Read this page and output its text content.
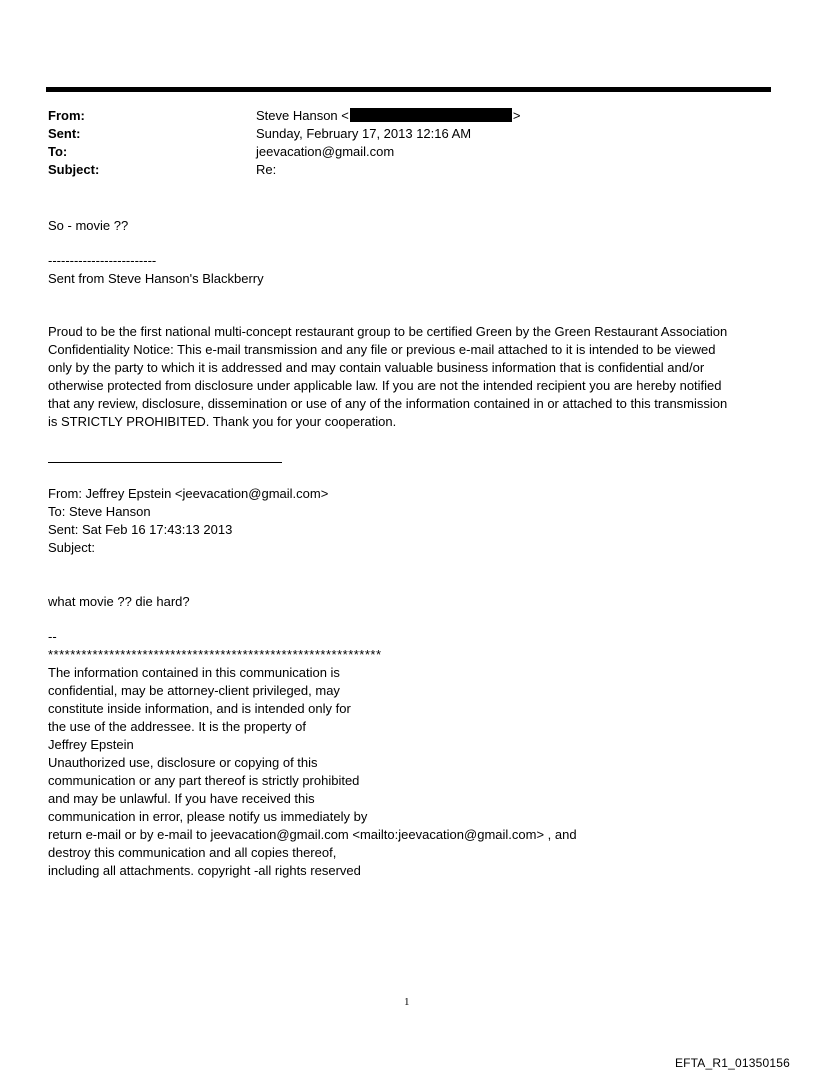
From:	Steve Hanson <	>
Sent:	Sunday, February 17, 2013 12:16 AM
To:	jeevacation@gmail.com
Subject:	Re:
So - movie ??
-------------------------
Sent from Steve Hanson's Blackberry
Proud to be the first national multi-concept restaurant group to be certified Green by the Green Restaurant Association
Confidentiality Notice: This e-mail transmission and any file or previous e-mail attached to it is intended to be viewed
only by the party to which it is addressed and may contain valuable business information that is confidential and/or
otherwise protected from disclosure under applicable law. If you are not the intended recipient you are hereby notified
that any review, disclosure, dissemination or use of any of the information contained in or attached to this transmission
is STRICTLY PROHIBITED. Thank you for your cooperation.
From: Jeffrey Epstein <jeevacation@gmail.com>
To: Steve Hanson
Sent: Sat Feb 16 17:43:13 2013
Subject:
what movie ?? die hard?
--
************************************************************
The information contained in this communication is
confidential, may be attorney-client privileged, may
constitute inside information, and is intended only for
the use of the addressee. It is the property of
Jeffrey Epstein
Unauthorized use, disclosure or copying of this
communication or any part thereof is strictly prohibited
and may be unlawful. If you have received this
communication in error, please notify us immediately by
return e-mail or by e-mail to jeevacation@gmail.com <mailto:jeevacation@gmail.com> , and
destroy this communication and all copies thereof,
including all attachments. copyright -all rights reserved
1
EFTA_R1_01350156
